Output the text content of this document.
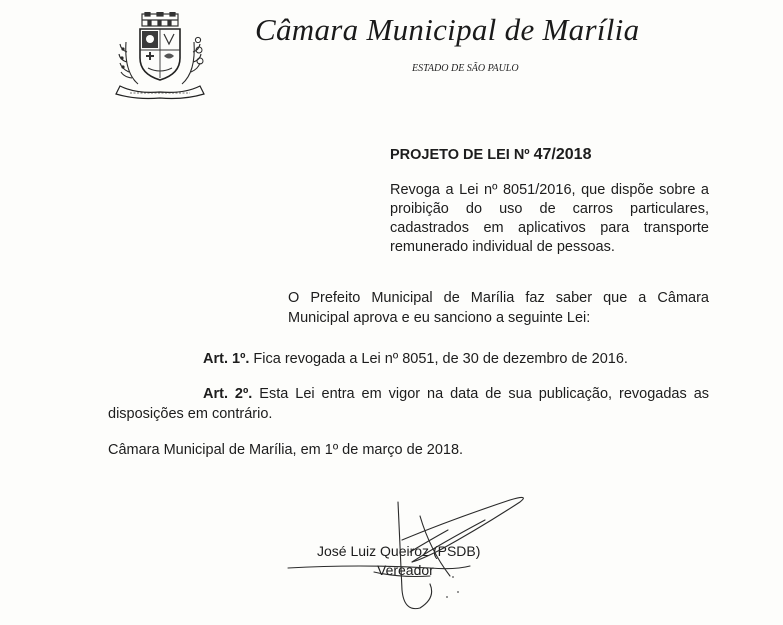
Câmara Municipal de Marília
ESTADO DE SÃO PAULO
PROJETO DE LEI Nº 47/2018
Revoga a Lei nº 8051/2016, que dispõe sobre a proibição do uso de carros particulares, cadastrados em aplicativos para transporte remunerado individual de pessoas.
O Prefeito Municipal de Marília faz saber que a Câmara Municipal aprova e eu sanciono a seguinte Lei:
Art. 1º. Fica revogada a Lei nº 8051, de 30 de dezembro de 2016.
Art. 2º. Esta Lei entra em vigor na data de sua publicação, revogadas as disposições em contrário.
Câmara Municipal de Marília, em 1º de março de 2018.
José Luiz Queiroz (PSDB)
Vereador
